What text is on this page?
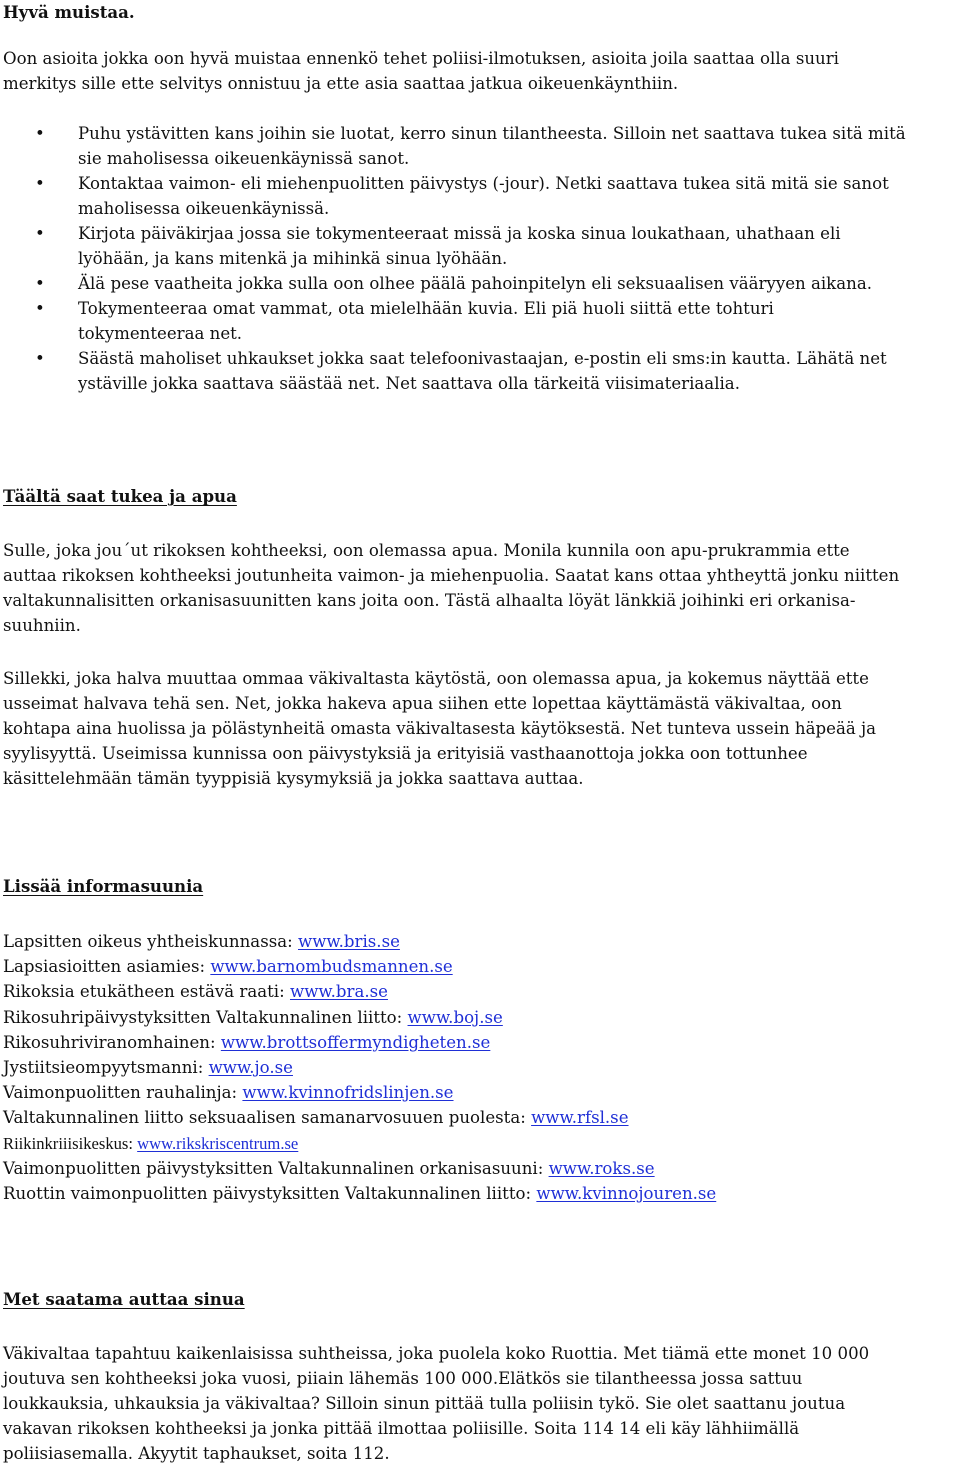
Hyvä muistaa.
Oon asioita jokka oon hyvä muistaa ennenkö tehet poliisi-ilmotuksen, asioita joila saattaa olla suuri
merkitys sille ette selvitys onnistuu ja ette asia saattaa jatkua oikeuenkäynthiin.
• Puhu ystävitten kans joihin sie luotat, kerro sinun tilantheesta. Silloin net saattava tukea sitä mitä
sie maholisessa oikeuenkäynissä sanot.
• Kontaktaa vaimon- eli miehenpuolitten päivystys (-jour). Netki saattava tukea sitä mitä sie sanot
maholisessa oikeuenkäynissä.
• Kirjota päiväkirjaa jossa sie tokymenteeraat missä ja koska sinua loukathaan, uhathaan eli
lyöhään, ja kans mitenkä ja mihinkä sinua lyöhään.
• Älä pese vaatheita jokka sulla oon olhee päälä pahoinpitelyn eli seksuaalisen vääryyen aikana.
• Tokymenteeraa omat vammat, ota mielelhään kuvia. Eli piä huoli siittä ette tohturi
tokymenteeraa net.
• Säästä maholiset uhkaukset jokka saat telefoonivastaajan, e-postin eli sms:in kautta. Lähätä net
ystäville jokka saattava säästää net. Net saattava olla tärkeitä viisimateriaalia.
Täältä saat tukea ja apua
Sulle, joka jou´ut rikoksen kohtheeksi, oon olemassa apua. Monila kunnila oon apu-prukrammia ette
auttaa rikoksen kohtheeksi joutunheita vaimon- ja miehenpuolia. Saatat kans ottaa yhtheyttä jonku niitten
valtakunnalisitten orkanisasuunitten kans joita oon. Tästä alhaalta löyät länkkiä joihinki eri orkanisa-
suuhniin.
Sillekki, joka halva muuttaa ommaa väkivaltasta käytöstä, oon olemassa apua, ja kokemus näyttää ette
usseimat halvava tehä sen. Net, jokka hakeva apua siihen ette lopettaa käyttämästä väkivaltaa, oon
kohtapa aina huolissa ja pölästynheitä omasta väkivaltasesta käytöksestä. Net tunteva ussein häpeää ja
syylisyyttä. Useimissa kunnissa oon päivystyksiä ja erityisiä vasthaanottoja jokka oon tottunhee
käsittelehmään tämän tyyppisiä kysymyksiä ja jokka saattava auttaa.
Lissää informasuunia
Lapsitten oikeus yhtheiskunnassa: www.bris.se
Lapsiasioitten asiamies: www.barnombudsmannen.se
Rikoksia etukätheen estävä raati: www.bra.se
Rikosuhripäivystyksitten Valtakunnalinen liitto: www.boj.se
Rikosuhriviranomhainen: www.brottsoffermyndigheten.se
Jystiitsieompyytsmanni: www.jo.se
Vaimonpuolitten rauhalinja: www.kvinnofridslinjen.se
Valtakunnalinen liitto seksuaalisen samanarvosuuen puolesta: www.rfsl.se
Riikinkriiisikeskus: www.rikskriscentrum.se
Vaimonpuolitten päivystyksitten Valtakunnalinen orkanisasuuni: www.roks.se
Ruottin vaimonpuolitten päivystyksitten Valtakunnalinen liitto: www.kvinnojouren.se
Met saatama auttaa sinua
Väkivaltaa tapahtuu kaikenlaisissa suhtheissa, joka puolela koko Ruottia. Met tiämä ette monet 10 000
joutuva sen kohtheeksi joka vuosi, piiain lähemäs 100 000.Elätkös sie tilantheessa jossa sattuu
loukkauksia, uhkauksia ja väkivaltaa? Silloin sinun pittää tulla poliisin tykö. Sie olet saattanu joutua
vakavan rikoksen kohtheeksi ja jonka pittää ilmottaa poliisille. Soita 114 14 eli käy lähhiimällä
poliisiasemalla. Akyytit taphaukset, soita 112.
